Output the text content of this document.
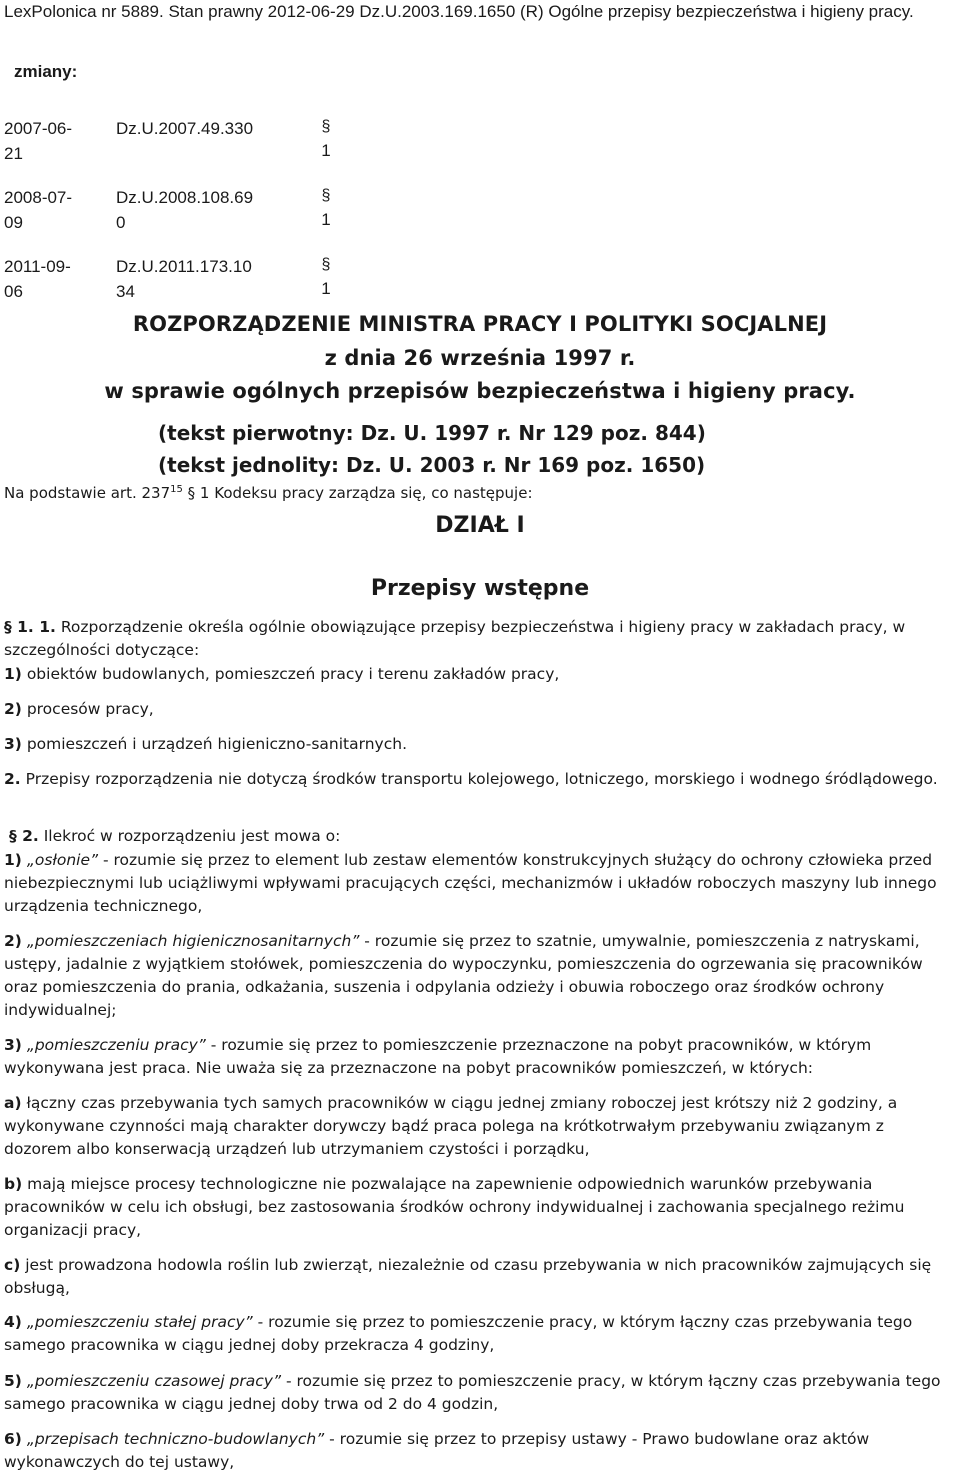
LexPolonica nr 5889. Stan prawny 2012-06-29 Dz.U.2003.169.1650 (R) Ogólne przepisy bezpieczeństwa i higieny pracy.
zmiany:
2007-06-
21
Dz.U.2007.49.330	§
1
2008-07-
09
Dz.U.2008.108.69
0
§
1
2011-09-
06
Dz.U.2011.173.10
34
§
1
ROZPORZĄDZENIE MINISTRA PRACY I POLITYKI SOCJALNEJ
z dnia 26 września 1997 r.
w sprawie ogólnych przepisów bezpieczeństwa i higieny pracy.
(tekst pierwotny: Dz. U. 1997 r. Nr 129 poz. 844)
(tekst jednolity: Dz. U. 2003 r. Nr 169 poz. 1650)
Na podstawie art. $237^{15}$ § 1 Kodeksu pracy zarządza się, co następuje:
DZIAŁ I
Przepisy wstępne

§ 1. 1. Rozporządzenie określa ogólnie obowiązujące przepisy bezpieczeństwa i higieny pracy w zakładach pracy, w szczególności dotyczące:

1) obiektów budowlanych, pomieszczeń pracy i terenu zakładów pracy,

2) procesów pracy,

3) pomieszczeń i urządzeń higieniczno-sanitarnych.

2. Przepisy rozporządzenia nie dotyczą środków transportu kolejowego, lotniczego, morskiego i wodnego śródlądowego.

§ 2. Ilekroć w rozporządzeniu jest mowa o:

1) „osłonie” - rozumie się przez to element lub zestaw elementów konstrukcyjnych służący do ochrony człowieka przed niebezpiecznymi lub uciążliwymi wpływami pracujących części, mechanizmów i układów roboczych maszyny lub innego urządzenia technicznego,

2) „pomieszczeniach higienicznosanitarnych” - rozumie się przez to szatnie, umywalnie, pomieszczenia z natryskami, ustępy, jadalnie z wyjątkiem stołówek, pomieszczenia do wypoczynku, pomieszczenia do ogrzewania się pracowników oraz pomieszczenia do prania, odkażania, suszenia i odpylania odzieży i obuwia roboczego oraz środków ochrony indywidualnej;

3) „pomieszczeniu pracy” - rozumie się przez to pomieszczenie przeznaczone na pobyt pracowników, w którym wykonywana jest praca. Nie uważa się za przeznaczone na pobyt pracowników pomieszczeń, w których:

a) łączny czas przebywania tych samych pracowników w ciągu jednej zmiany roboczej jest krótszy niż 2 godziny, a wykonywane czynności mają charakter dorywczy bądź praca polega na krótkotrwałym przebywaniu związanym z dozorem albo konserwacją urządzeń lub utrzymaniem czystości i porządku,

b) mają miejsce procesy technologiczne nie pozwalające na zapewnienie odpowiednich warunków przebywania pracowników w celu ich obsługi, bez zastosowania środków ochrony indywidualnej i zachowania specjalnego reżimu organizacji pracy,

c) jest prowadzona hodowla roślin lub zwierząt, niezależnie od czasu przebywania w nich pracowników zajmujących się obsługą,

4) „pomieszczeniu stałej pracy” - rozumie się przez to pomieszczenie pracy, w którym łączny czas przebywania tego samego pracownika w ciągu jednej doby przekracza 4 godziny,

5) „pomieszczeniu czasowej pracy” - rozumie się przez to pomieszczenie pracy, w którym łączny czas przebywania tego samego pracownika w ciągu jednej doby trwa od 2 do 4 godzin,

6) „przepisach techniczno-budowlanych” - rozumie się przez to przepisy ustawy - Prawo budowlane oraz aktów wykonawczych do tej ustawy,
